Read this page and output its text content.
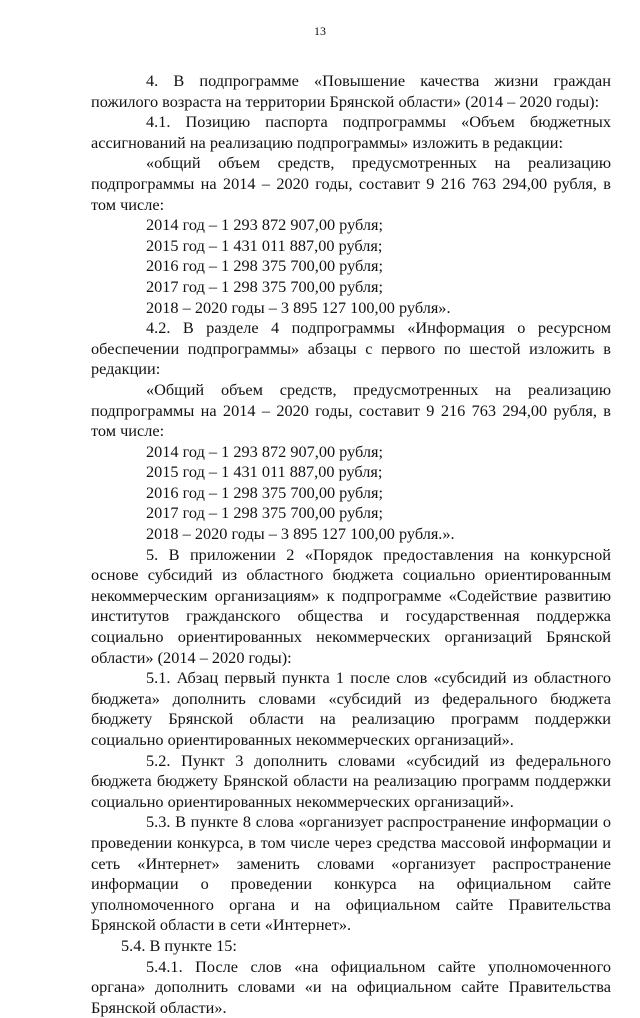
13

4. В подпрограмме «Повышение качества жизни граждан пожилого возраста на территории Брянской области» (2014 – 2020 годы):

4.1. Позицию паспорта подпрограммы «Объем бюджетных ассигнований на реализацию подпрограммы» изложить в редакции:

«общий объем средств, предусмотренных на реализацию подпрограммы на 2014 – 2020 годы, составит 9 216 763 294,00 рубля, в том числе:

2014 год – 1 293 872 907,00 рубля;

2015 год – 1 431 011 887,00 рубля;

2016 год – 1 298 375 700,00 рубля;

2017 год – 1 298 375 700,00 рубля;

2018 – 2020 годы – 3 895 127 100,00 рубля».

4.2. В разделе 4 подпрограммы «Информация о ресурсном обеспечении подпрограммы» абзацы с первого по шестой изложить в редакции:

«Общий объем средств, предусмотренных на реализацию подпрограммы на 2014 – 2020 годы, составит 9 216 763 294,00 рубля, в том числе:

2014 год – 1 293 872 907,00 рубля;

2015 год – 1 431 011 887,00 рубля;

2016 год – 1 298 375 700,00 рубля;

2017 год – 1 298 375 700,00 рубля;

2018 – 2020 годы – 3 895 127 100,00 рубля.».

5. В приложении 2 «Порядок предоставления на конкурсной основе субсидий из областного бюджета социально ориентированным некоммерческим организациям» к подпрограмме «Содействие развитию институтов гражданского общества и государственная поддержка социально ориентированных некоммерческих организаций Брянской области» (2014 – 2020 годы):

5.1. Абзац первый пункта 1 после слов «субсидий из областного бюджета» дополнить словами «субсидий из федерального бюджета бюджету Брянской области на реализацию программ поддержки социально ориентированных некоммерческих организаций».

5.2. Пункт 3 дополнить словами «субсидий из федерального бюджета бюджету Брянской области на реализацию программ поддержки социально ориентированных некоммерческих организаций».

5.3. В пункте 8 слова «организует распространение информации о проведении конкурса, в том числе через средства массовой информации и сеть «Интернет» заменить словами «организует распространение информации о проведении конкурса на официальном сайте уполномоченного органа и на официальном сайте Правительства Брянской области в сети «Интернет».

5.4. В пункте 15:

5.4.1. После слов «на официальном сайте уполномоченного органа» дополнить словами «и на официальном сайте Правительства Брянской области».
